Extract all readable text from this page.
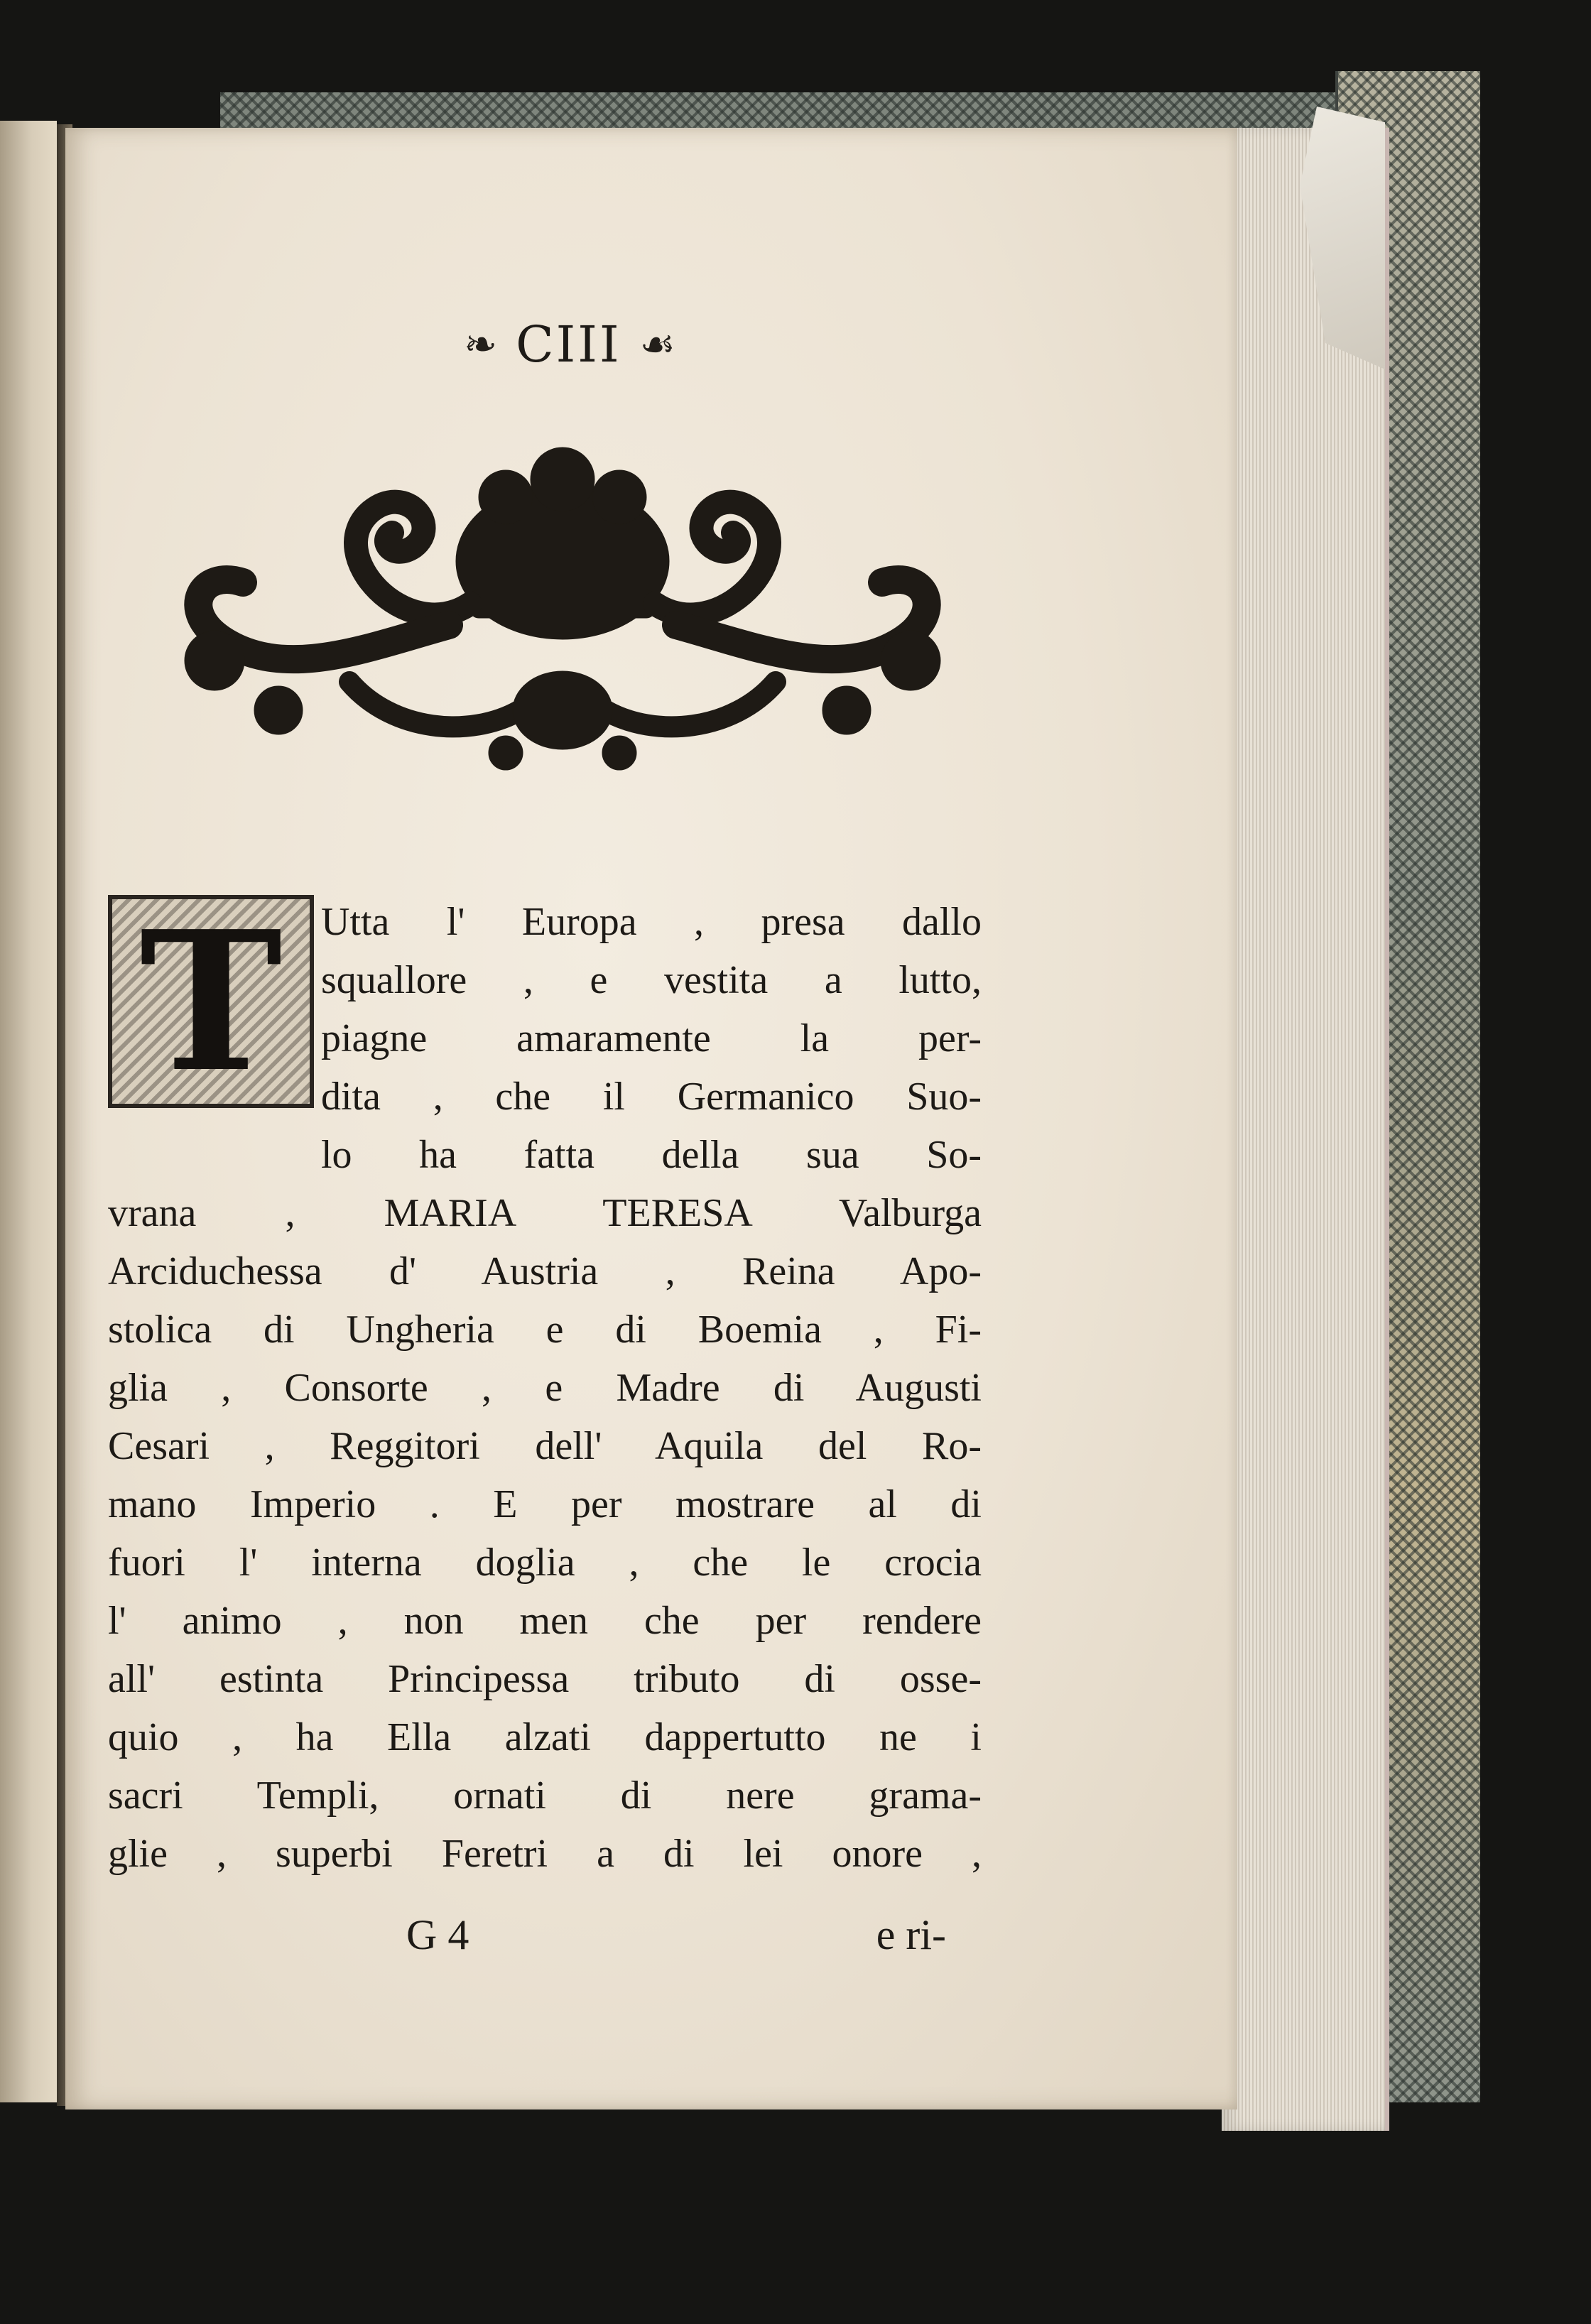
❧ CIII ☙
T Utta l' Europa , presa dallo
squallore , e vestita a lutto,
piagne amaramente la per-
dita , che il Germanico Suo-
lo ha fatta della sua So-
vrana , MARIA TERESA Valburga
Arciduchessa d' Austria , Reina Apo-
stolica di Ungheria e di Boemia , Fi-
glia , Consorte , e Madre di Augusti
Cesari , Reggitori dell' Aquila del Ro-
mano Imperio . E per mostrare al di
fuori l' interna doglia , che le crocia
l' animo , non men che per rendere
all' estinta Principessa tributo di osse-
quio , ha Ella alzati dappertutto ne i
sacri Templi, ornati di nere grama-
glie , superbi Feretri a di lei onore ,
G 4	e ri-
